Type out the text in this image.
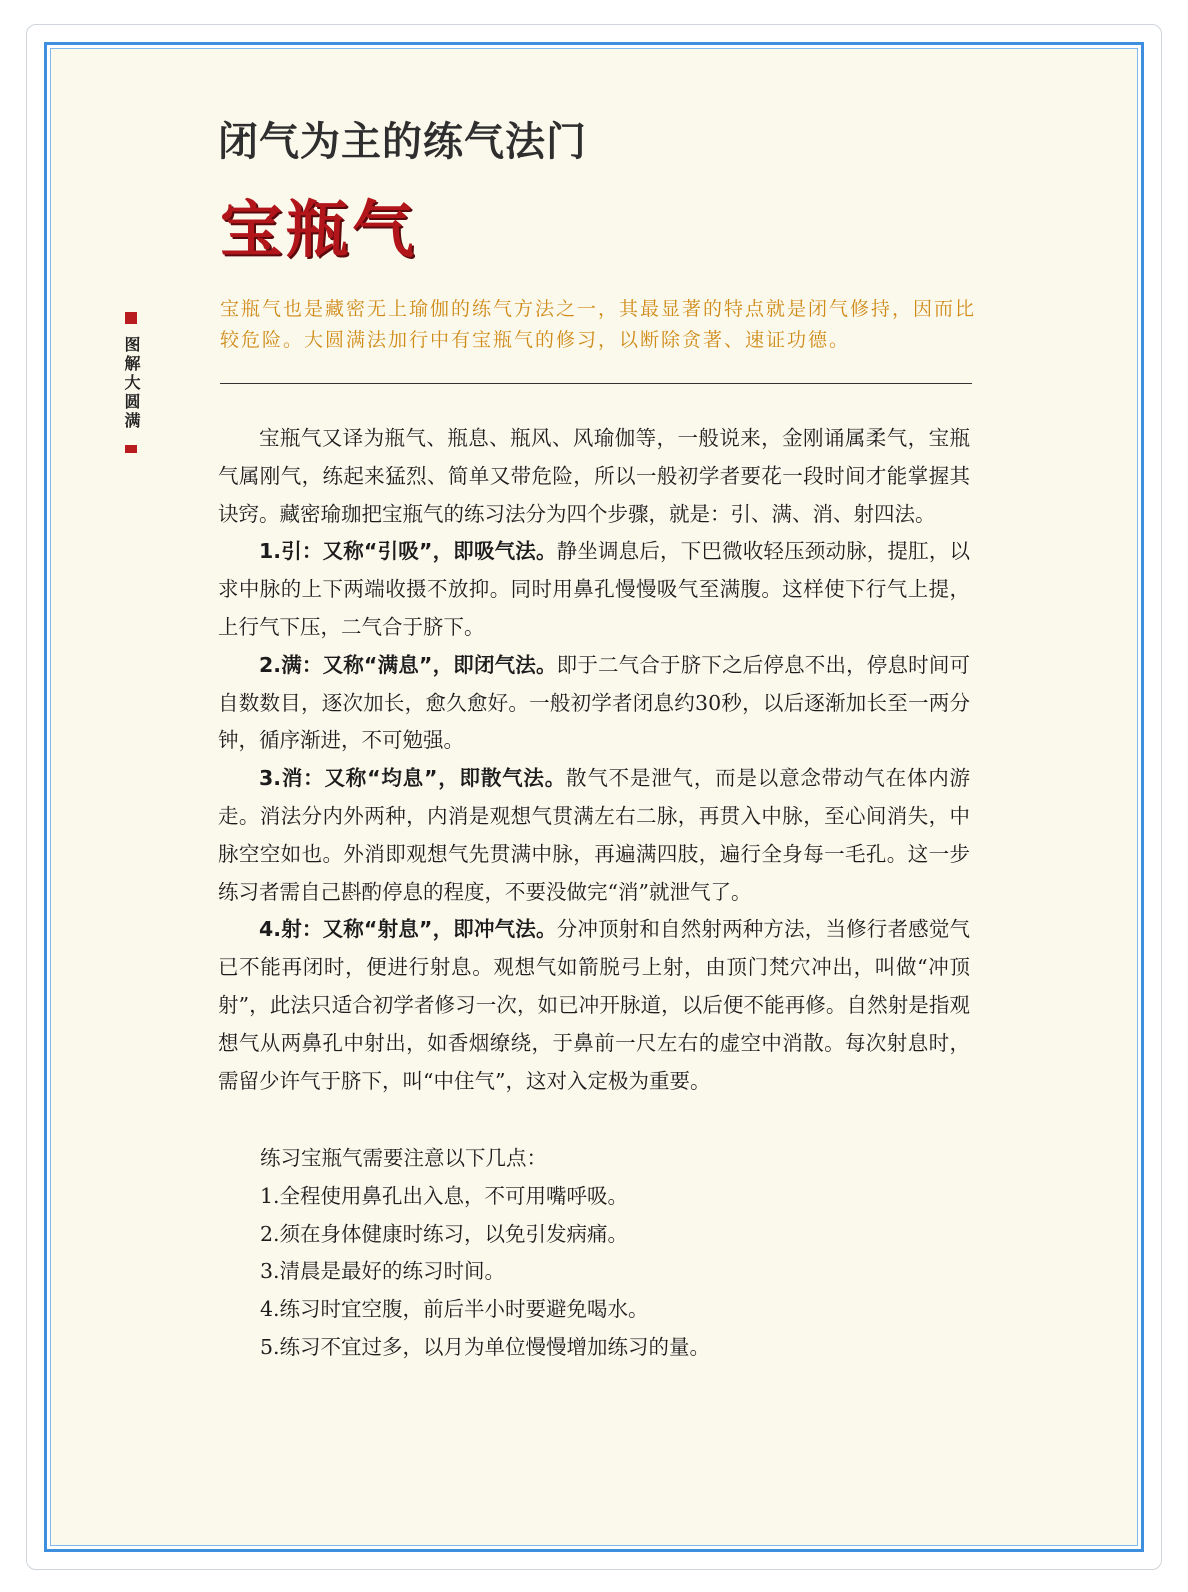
闭气为主的练气法门
宝瓶气
图解大圆满
宝瓶气也是藏密无上瑜伽的练气方法之一，其最显著的特点就是闭气修持，因而比较危险。大圆满法加行中有宝瓶气的修习，以断除贪著、速证功德。

宝瓶气又译为瓶气、瓶息、瓶风、风瑜伽等，一般说来，金刚诵属柔气，宝瓶气属刚气，练起来猛烈、简单又带危险，所以一般初学者要花一段时间才能掌握其诀窍。藏密瑜珈把宝瓶气的练习法分为四个步骤，就是：引、满、消、射四法。

1.引：又称“引吸”，即吸气法。静坐调息后，下巴微收轻压颈动脉，提肛，以求中脉的上下两端收摄不放抑。同时用鼻孔慢慢吸气至满腹。这样使下行气上提，上行气下压，二气合于脐下。

2.满：又称“满息”，即闭气法。即于二气合于脐下之后停息不出，停息时间可自数数目，逐次加长，愈久愈好。一般初学者闭息约30秒，以后逐渐加长至一两分钟，循序渐进，不可勉强。

3.消：又称“均息”，即散气法。散气不是泄气，而是以意念带动气在体内游走。消法分内外两种，内消是观想气贯满左右二脉，再贯入中脉，至心间消失，中脉空空如也。外消即观想气先贯满中脉，再遍满四肢，遍行全身每一毛孔。这一步练习者需自己斟酌停息的程度，不要没做完“消”就泄气了。

4.射：又称“射息”，即冲气法。分冲顶射和自然射两种方法，当修行者感觉气已不能再闭时，便进行射息。观想气如箭脱弓上射，由顶门梵穴冲出，叫做“冲顶射”，此法只适合初学者修习一次，如已冲开脉道，以后便不能再修。自然射是指观想气从两鼻孔中射出，如香烟缭绕，于鼻前一尺左右的虚空中消散。每次射息时，需留少许气于脐下，叫“中住气”，这对入定极为重要。

练习宝瓶气需要注意以下几点：
1.全程使用鼻孔出入息，不可用嘴呼吸。
2.须在身体健康时练习，以免引发病痛。
3.清晨是最好的练习时间。
4.练习时宜空腹，前后半小时要避免喝水。
5.练习不宜过多，以月为单位慢慢增加练习的量。
